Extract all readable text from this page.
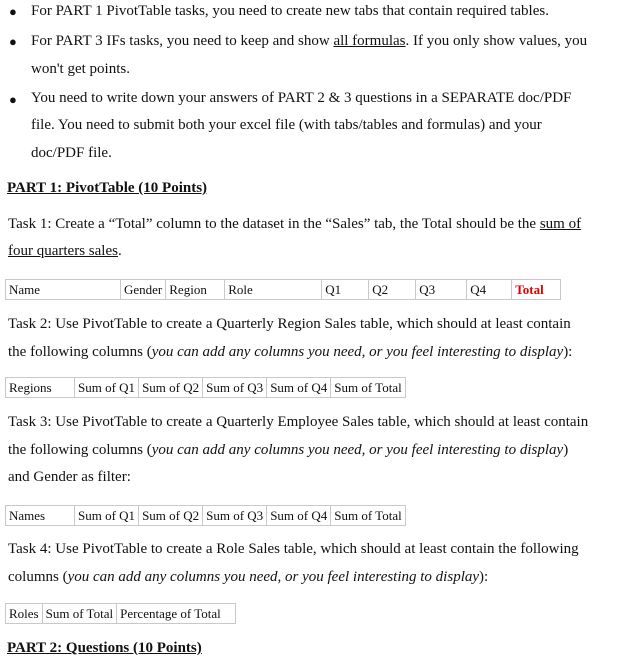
● For PART 1 PivotTable tasks, you need to create new tabs that contain required tables.
● For PART 3 IFs tasks, you need to keep and show all formulas. If you only show values, you
won't get points.
● You need to write down your answers of PART 2 & 3 questions in a SEPARATE doc/PDF
file. You need to submit both your excel file (with tabs/tables and formulas) and your
doc/PDF file.
PART 1: PivotTable (10 Points)
Task 1: Create a “Total” column to the dataset in the “Sales” tab, the Total should be the sum of
four quarters sales.
Name	Gender	Region	Role	Q1	Q2	Q3	Q4	Total
Task 2: Use PivotTable to create a Quarterly Region Sales table, which should at least contain
the following columns (you can add any columns you need, or you feel interesting to display):
Regions	Sum of Q1	Sum of Q2	Sum of Q3	Sum of Q4	Sum of Total
Task 3: Use PivotTable to create a Quarterly Employee Sales table, which should at least contain
the following columns (you can add any columns you need, or you feel interesting to display)
and Gender as filter:
Names	Sum of Q1	Sum of Q2	Sum of Q3	Sum of Q4	Sum of Total
Task 4: Use PivotTable to create a Role Sales table, which should at least contain the following
columns (you can add any columns you need, or you feel interesting to display):
Roles	Sum of Total	Percentage of Total
PART 2: Questions (10 Points)
